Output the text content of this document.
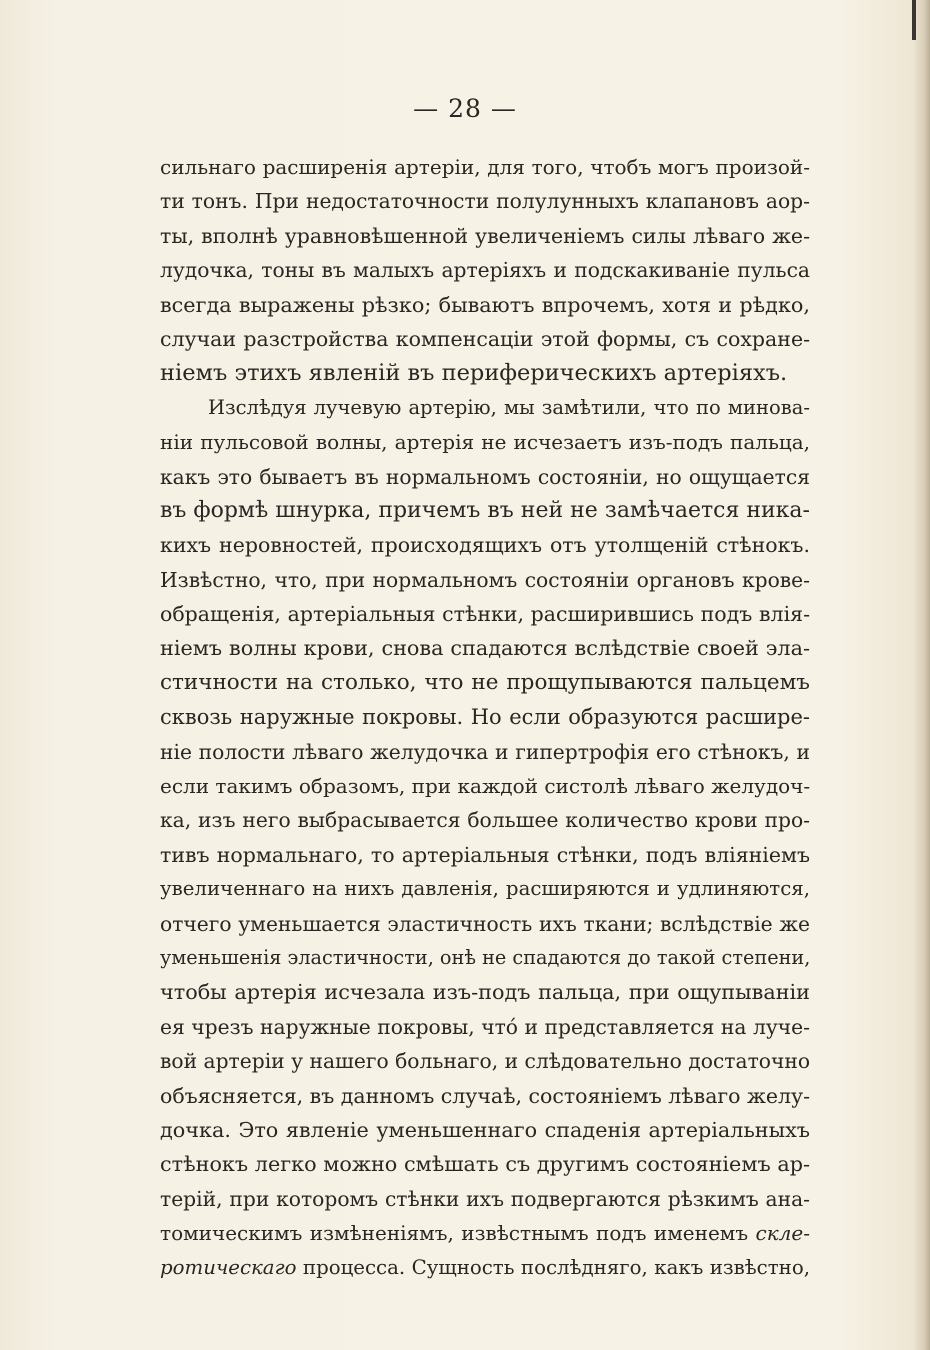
— 28 —
сильнаго расширенія артеріи, для того, чтобъ могъ произой-
ти тонъ. При недостаточности полулунныхъ клапановъ аор-
ты, вполнѣ уравновѣшенной увеличеніемъ силы лѣваго же-
лудочка, тоны въ малыхъ артеріяхъ и подскакиваніе пульса
всегда выражены рѣзко; бываютъ впрочемъ, хотя и рѣдко,
случаи разстройства компенсаціи этой формы, съ сохране-
ніемъ этихъ явленій въ периферическихъ артеріяхъ.
Изслѣдуя лучевую артерію, мы замѣтили, что по минова-
ніи пульсовой волны, артерія не исчезаетъ изъ-подъ пальца,
какъ это бываетъ въ нормальномъ состояніи, но ощущается
въ формѣ шнурка, причемъ въ ней не замѣчается ника-
кихъ неровностей, происходящихъ отъ утолщеній стѣнокъ.
Извѣстно, что, при нормальномъ состояніи органовъ крове-
обращенія, артеріальныя стѣнки, расширившись подъ влія-
ніемъ волны крови, снова спадаются вслѣдствіе своей эла-
стичности на столько, что не прощупываются пальцемъ
сквозь наружные покровы. Но если образуются расшире-
ніе полости лѣваго желудочка и гипертрофія его стѣнокъ, и
если такимъ образомъ, при каждой систолѣ лѣваго желудоч-
ка, изъ него выбрасывается большее количество крови про-
тивъ нормальнаго, то артеріальныя стѣнки, подъ вліяніемъ
увеличеннаго на нихъ давленія, расширяются и удлиняются,
отчего уменьшается эластичность ихъ ткани; вслѣдствіе же
уменьшенія эластичности, онѣ не спадаются до такой степени,
чтобы артерія исчезала изъ-подъ пальца, при ощупываніи
ея чрезъ наружные покровы, что́ и представляется на луче-
вой артеріи у нашего больнаго, и слѣдовательно достаточно
объясняется, въ данномъ случаѣ, состояніемъ лѣваго желу-
дочка. Это явленіе уменьшеннаго спаденія артеріальныхъ
стѣнокъ легко можно смѣшать съ другимъ состояніемъ ар-
терій, при которомъ стѣнки ихъ подвергаются рѣзкимъ ана-
томическимъ измѣненіямъ, извѣстнымъ подъ именемъ скле-
ротическаго процесса. Сущность послѣдняго, какъ извѣстно,
